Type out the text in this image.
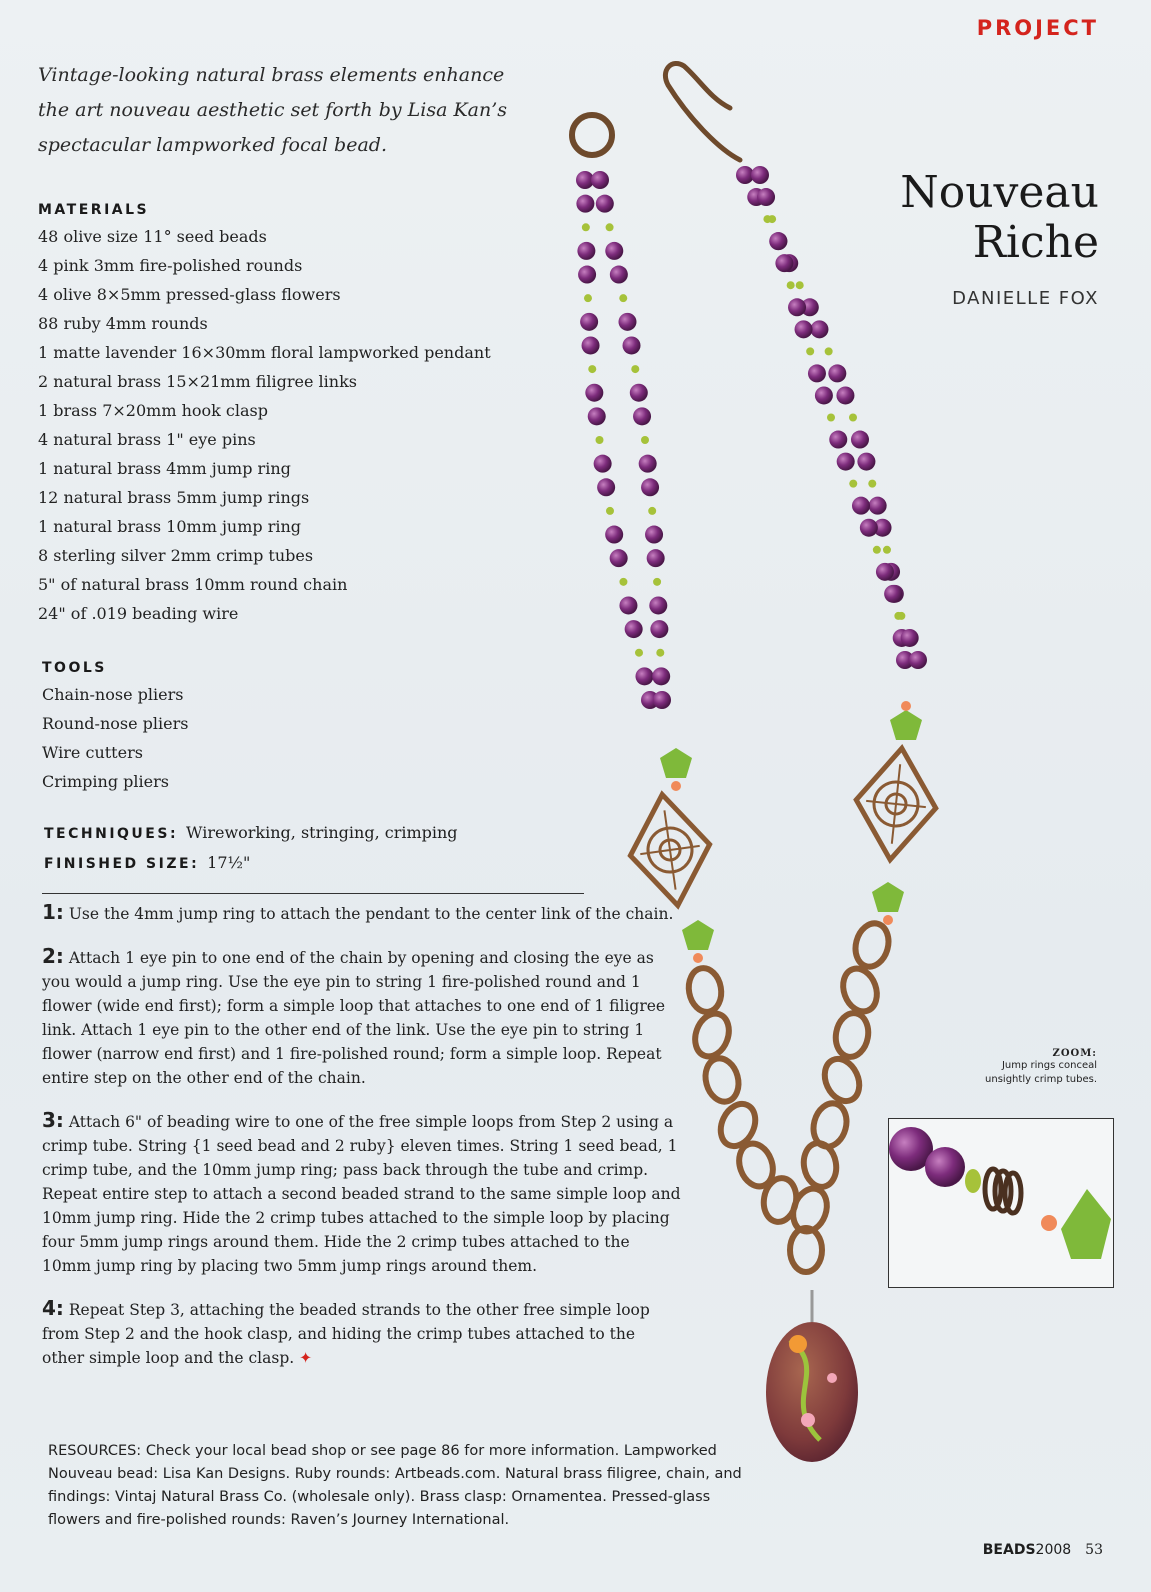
PROJECT
Vintage-looking natural brass elements enhance the art nouveau aesthetic set forth by Lisa Kan’s spectacular lampworked focal bead.
Nouveau
Riche
DANIELLE FOX
MATERIALS
48 olive size 11° seed beads
4 pink 3mm fire-polished rounds
4 olive 8×5mm pressed-glass flowers
88 ruby 4mm rounds
1 matte lavender 16×30mm floral lampworked pendant
2 natural brass 15×21mm filigree links
1 brass 7×20mm hook clasp
4 natural brass 1" eye pins
1 natural brass 4mm jump ring
12 natural brass 5mm jump rings
1 natural brass 10mm jump ring
8 sterling silver 2mm crimp tubes
5" of natural brass 10mm round chain
24" of .019 beading wire
TOOLS
Chain-nose pliers
Round-nose pliers
Wire cutters
Crimping pliers
TECHNIQUES: Wireworking, stringing, crimping
FINISHED SIZE: 17½"

1: Use the 4mm jump ring to attach the pendant to the center link of the chain.

2: Attach 1 eye pin to one end of the chain by opening and closing the eye as you would a jump ring. Use the eye pin to string 1 fire-polished round and 1 flower (wide end first); form a simple loop that attaches to one end of 1 filigree link. Attach 1 eye pin to the other end of the link. Use the eye pin to string 1 flower (narrow end first) and 1 fire-polished round; form a simple loop. Repeat entire step on the other end of the chain.

3: Attach 6" of beading wire to one of the free simple loops from Step 2 using a crimp tube. String {1 seed bead and 2 ruby} eleven times. String 1 seed bead, 1 crimp tube, and the 10mm jump ring; pass back through the tube and crimp. Repeat entire step to attach a second beaded strand to the same simple loop and 10mm jump ring. Hide the 2 crimp tubes attached to the simple loop by placing four 5mm jump rings around them. Hide the 2 crimp tubes attached to the 10mm jump ring by placing two 5mm jump rings around them.

4: Repeat Step 3, attaching the beaded strands to the other free simple loop from Step 2 and the hook clasp, and hiding the crimp tubes attached to the other simple loop and the clasp. ✦

RESOURCES: Check your local bead shop or see page 86 for more information. Lampworked Nouveau bead: Lisa Kan Designs. Ruby rounds: Artbeads.com. Natural brass filigree, chain, and findings: Vintaj Natural Brass Co. (wholesale only). Brass clasp: Ornamentea. Pressed-glass flowers and fire-polished rounds: Raven’s Journey International.
ZOOM:
Jump rings conceal unsightly crimp tubes.
BEADS2008 53
